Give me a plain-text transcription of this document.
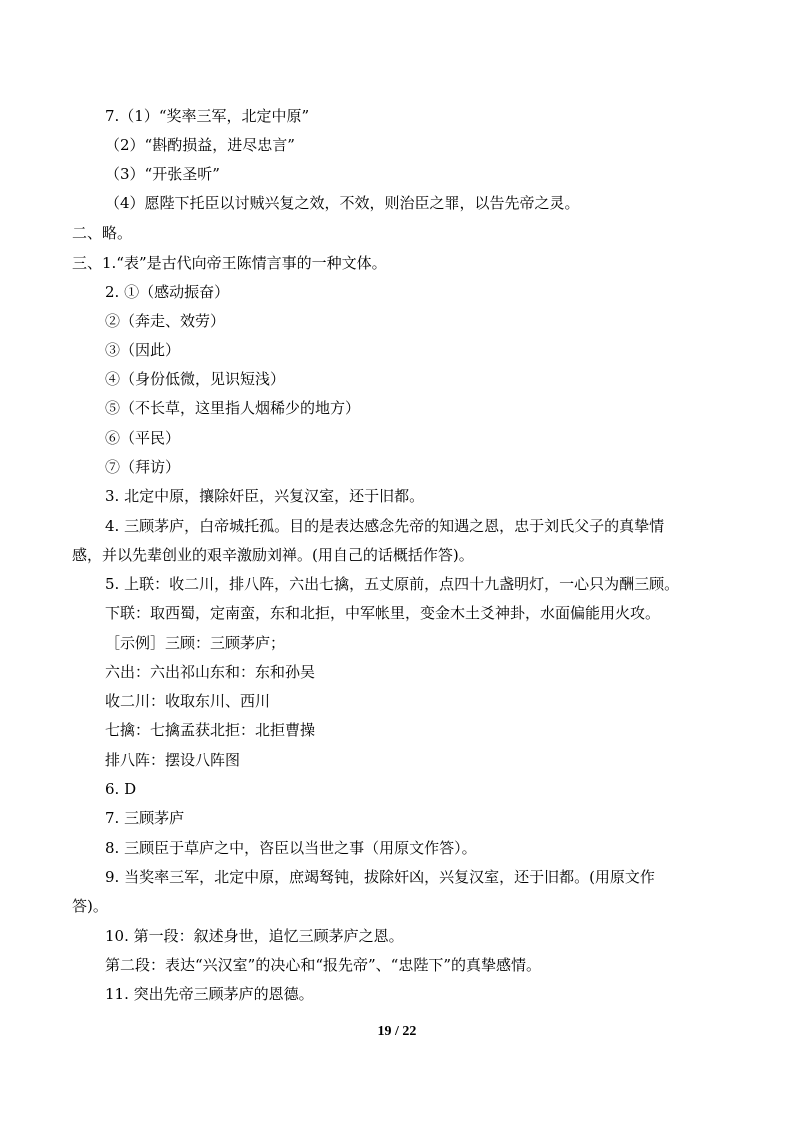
7.（1）“奖率三军，北定中原”
（2）“斟酌损益，进尽忠言”
（3）“开张圣听”
（4）愿陛下托臣以讨贼兴复之效，不效，则治臣之罪，以告先帝之灵。
二、略。
三、1.“表”是古代向帝王陈情言事的一种文体。
2. ①（感动振奋）
②（奔走、效劳）
③（因此）
④（身份低微，见识短浅）
⑤（不长草，这里指人烟稀少的地方）
⑥（平民）
⑦（拜访）
3. 北定中原，攘除奸臣，兴复汉室，还于旧都。
4. 三顾茅庐，白帝城托孤。目的是表达感念先帝的知遇之恩，忠于刘氏父子的真挚情
感，并以先辈创业的艰辛激励刘禅。(用自己的话概括作答)。
5. 上联：收二川，排八阵，六出七擒，五丈原前，点四十九盏明灯，一心只为酬三顾。
下联：取西蜀，定南蛮，东和北拒，中军帐里，变金木土爻神卦，水面偏能用火攻。
［示例］三顾：三顾茅庐；
六出：六出祁山东和：东和孙吴
收二川：收取东川、西川
七擒：七擒孟获北拒：北拒曹操
排八阵：摆设八阵图
6. D
7. 三顾茅庐
8. 三顾臣于草庐之中，咨臣以当世之事（用原文作答）。
9. 当奖率三军，北定中原，庶竭驽钝，拔除奸凶，兴复汉室，还于旧都。(用原文作
答)。
10. 第一段：叙述身世，追忆三顾茅庐之恩。
第二段：表达“兴汉室”的决心和“报先帝”、“忠陛下”的真挚感情。
11. 突出先帝三顾茅庐的恩德。
19 / 22
